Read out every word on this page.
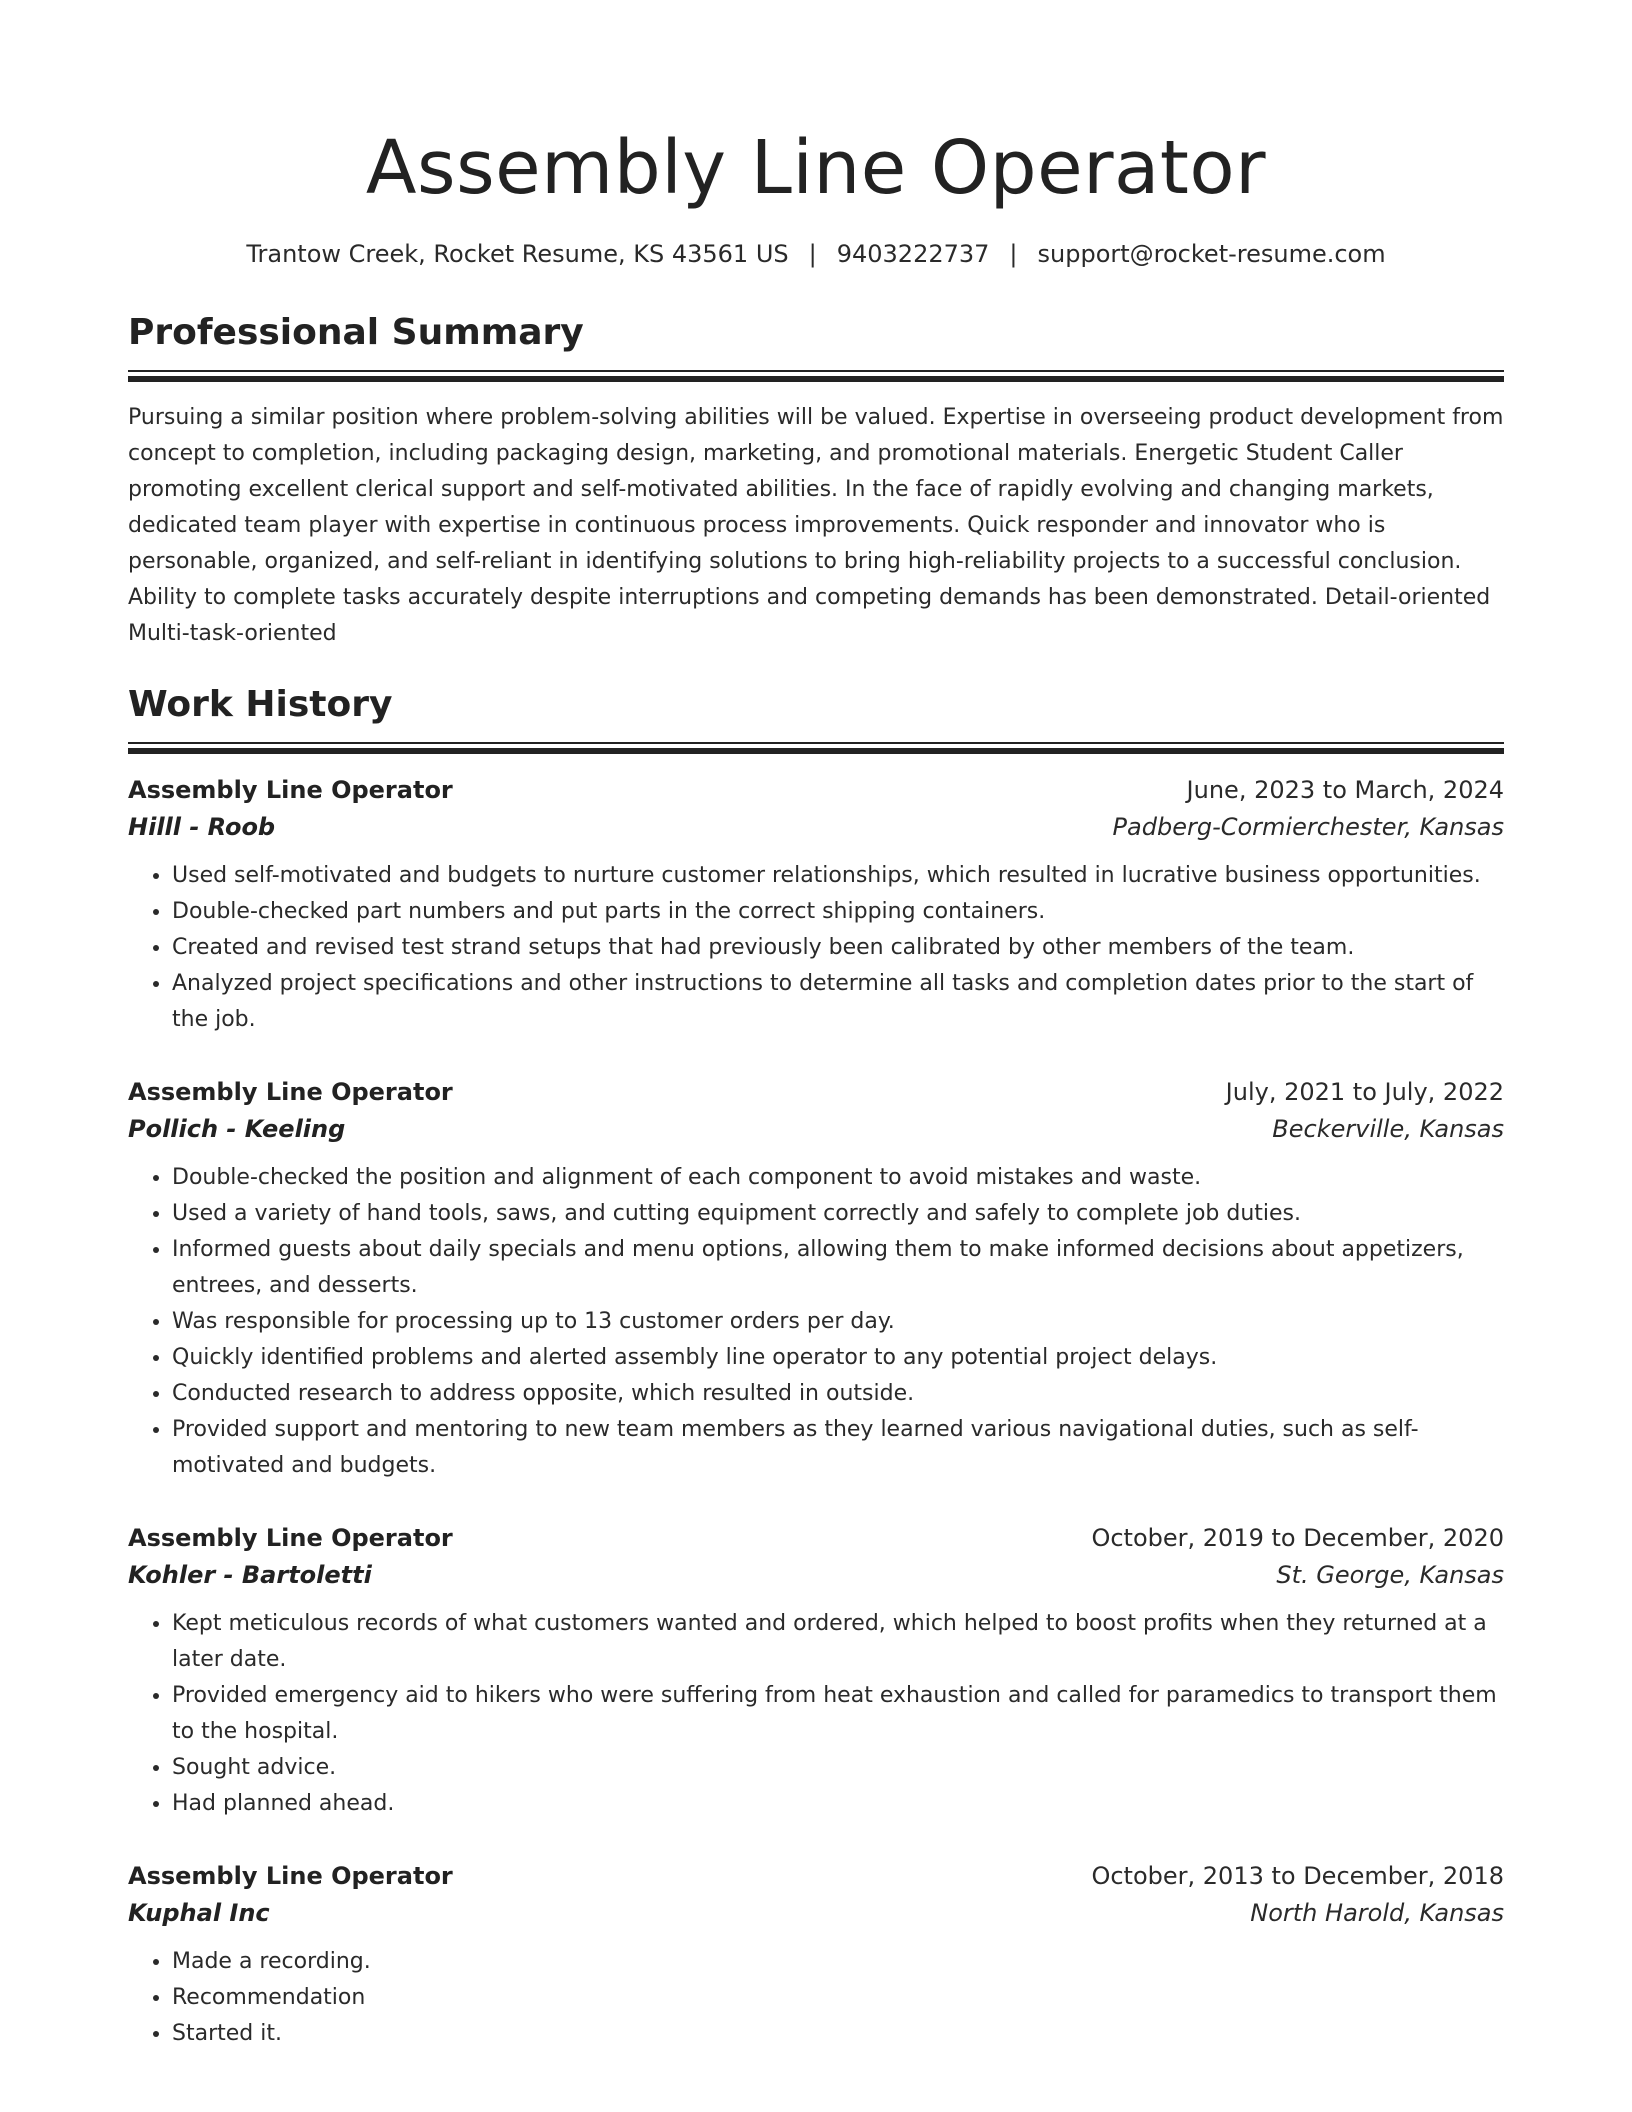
Assembly Line Operator
Trantow Creek, Rocket Resume, KS 43561 US | 9403222737 | support@rocket-resume.com
Professional Summary
Pursuing a similar position where problem-solving abilities will be valued. Expertise in overseeing product development from concept to completion, including packaging design, marketing, and promotional materials. Energetic Student Caller promoting excellent clerical support and self-motivated abilities. In the face of rapidly evolving and changing markets, dedicated team player with expertise in continuous process improvements. Quick responder and innovator who is personable, organized, and self-reliant in identifying solutions to bring high-reliability projects to a successful conclusion. Ability to complete tasks accurately despite interruptions and competing demands has been demonstrated. Detail-oriented Multi-task-oriented
Work History
Assembly Line Operator	June, 2023 to March, 2024
Hilll - Roob	Padberg-Cormierchester, Kansas
• Used self-motivated and budgets to nurture customer relationships, which resulted in lucrative business opportunities.
• Double-checked part numbers and put parts in the correct shipping containers.
• Created and revised test strand setups that had previously been calibrated by other members of the team.
• Analyzed project specifications and other instructions to determine all tasks and completion dates prior to the start of the job.
Assembly Line Operator	July, 2021 to July, 2022
Pollich - Keeling	Beckerville, Kansas
• Double-checked the position and alignment of each component to avoid mistakes and waste.
• Used a variety of hand tools, saws, and cutting equipment correctly and safely to complete job duties.
• Informed guests about daily specials and menu options, allowing them to make informed decisions about appetizers, entrees, and desserts.
• Was responsible for processing up to 13 customer orders per day.
• Quickly identified problems and alerted assembly line operator to any potential project delays.
• Conducted research to address opposite, which resulted in outside.
• Provided support and mentoring to new team members as they learned various navigational duties, such as self-motivated and budgets.
Assembly Line Operator	October, 2019 to December, 2020
Kohler - Bartoletti	St. George, Kansas
• Kept meticulous records of what customers wanted and ordered, which helped to boost profits when they returned at a later date.
• Provided emergency aid to hikers who were suffering from heat exhaustion and called for paramedics to transport them to the hospital.
• Sought advice.
• Had planned ahead.
Assembly Line Operator	October, 2013 to December, 2018
Kuphal Inc	North Harold, Kansas
• Made a recording.
• Recommendation
• Started it.
